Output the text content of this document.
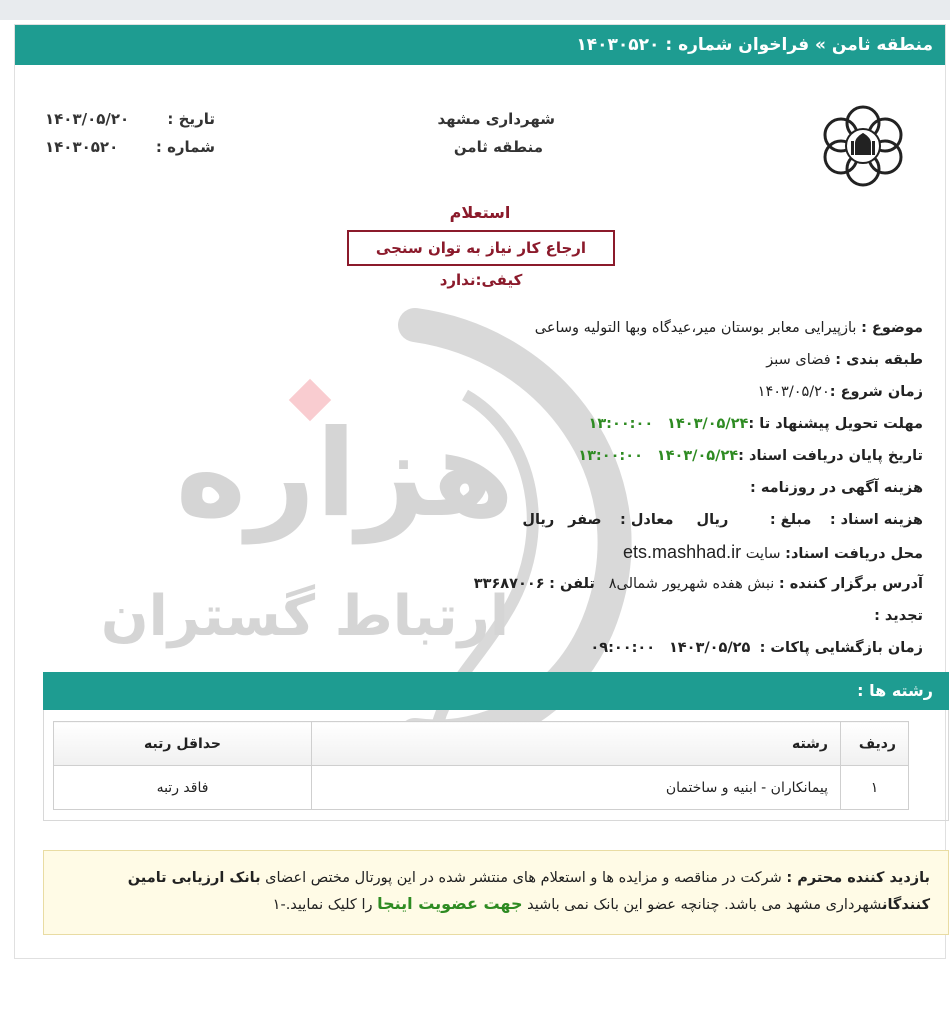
منطقه ثامن » فراخوان شماره : ۱۴۰۳۰۵۲۰
هزاره
ارتباط گستران
شهرداری مشهد
منطقه ثامن
تاریخ :
۱۴۰۳/۰۵/۲۰
شماره :
۱۴۰۳۰۵۲۰
استعلام
ارجاع کار نیاز به توان سنجی کیفی:ندارد
موضوع : بازپیرایی معابر بوستان میر،عیدگاه وبها التولیه وساعی
طبقه بندی : فضای سبز
زمان شروع :۱۴۰۳/۰۵/۲۰
مهلت تحویل پیشنهاد تا :۱۴۰۳/۰۵/۲۴   ۱۳:۰۰:۰۰
تاریخ پایان دریافت اسناد :۱۴۰۳/۰۵/۲۴   ۱۳:۰۰:۰۰
هزینه آگهی در روزنامه :
هزینه اسناد :    مبلغ :         ریال     معادل :    صفر   ریال
محل دریافت اسناد: سایت ets.mashhad.ir
آدرس برگزار کننده : نبش هفده شهریور شمالی۸   تلفن : ۳۳۶۸۷۰۰۶
تجدید :
زمان بازگشایی پاکات :  ۱۴۰۳/۰۵/۲۵   ۰۹:۰۰:۰۰
رشته ها :
ردیف	رشته	حداقل رتبه
۱	پیمانکاران - ابنیه و ساختمان	فاقد رتبه
بازدید کننده محترم : شرکت در مناقصه و مزایده ها و استعلام های منتشر شده در این پورتال مختص اعضای بانک ارزیابی تامین کنندگانشهرداری مشهد می باشد. چنانچه عضو این بانک نمی باشید جهت عضویت اینجا را کلیک نمایید.-۱
